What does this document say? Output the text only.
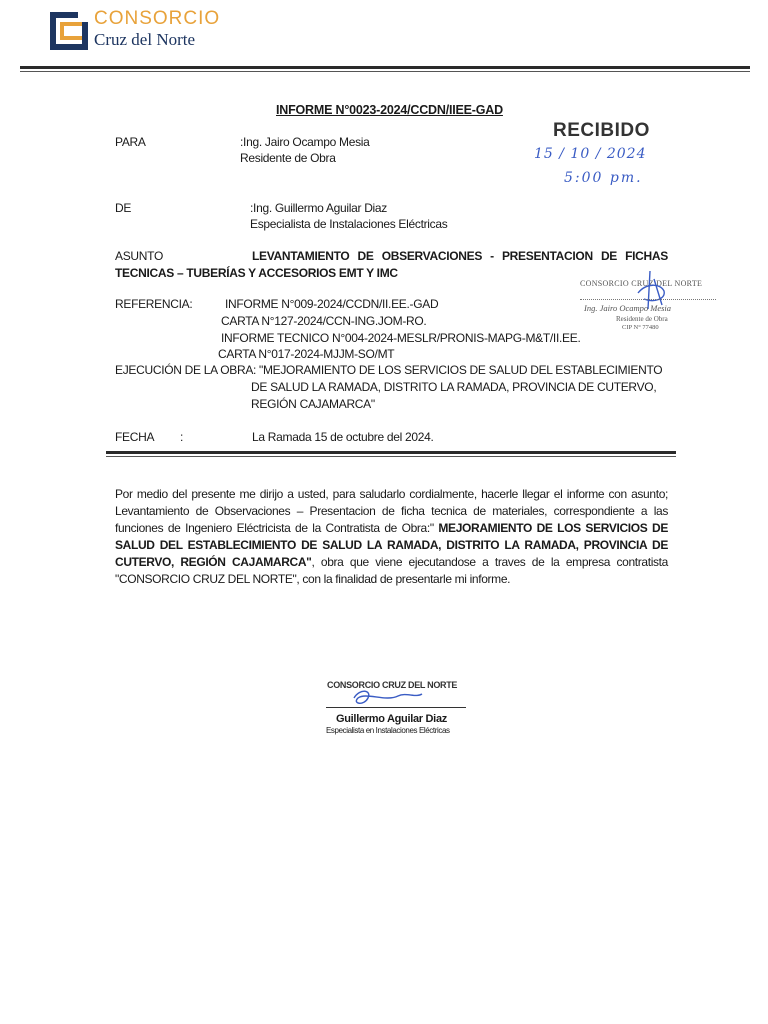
CONSORCIO
Cruz del Norte
INFORME N°0023-2024/CCDN/IIEE-GAD
PARA	:Ing. Jairo Ocampo Mesia
Residente de Obra
RECIBIDO
15 / 10 / 2024
5:00 pm.
DE	:Ing. Guillermo Aguilar Diaz
Especialista de Instalaciones Eléctricas
ASUNTO	LEVANTAMIENTO DE OBSERVACIONES - PRESENTACION DE FICHAS TECNICAS – TUBERÍAS Y ACCESORIOS EMT Y IMC
CONSORCIO CRUZ DEL NORTE
Ing. Jairo Ocampo Mesia
Residente de Obra
CIP N° 77480
REFERENCIA:	INFORME N°009-2024/CCDN/II.EE.-GAD
CARTA N°127-2024/CCN-ING.JOM-RO.
INFORME TECNICO N°004-2024-MESLR/PRONIS-MAPG-M&T/II.EE.
CARTA N°017-2024-MJJM-SO/MT
EJECUCIÓN DE LA OBRA: "MEJORAMIENTO DE LOS SERVICIOS DE SALUD DEL ESTABLECIMIENTO
DE SALUD LA RAMADA, DISTRITO LA RAMADA, PROVINCIA DE CUTERVO,
REGIÓN CAJAMARCA"
FECHA :	La Ramada 15 de octubre del 2024.
Por medio del presente me dirijo a usted, para saludarlo cordialmente, hacerle llegar el informe con asunto; Levantamiento de Observaciones – Presentacion de ficha tecnica de materiales, correspondiente a las funciones de Ingeniero Eléctricista de la Contratista de Obra:" MEJORAMIENTO DE LOS SERVICIOS DE SALUD DEL ESTABLECIMIENTO DE SALUD LA RAMADA, DISTRITO LA RAMADA, PROVINCIA DE CUTERVO, REGIÓN CAJAMARCA", obra que viene ejecutandose a traves de la empresa contratista "CONSORCIO CRUZ DEL NORTE", con la finalidad de presentarle mi informe.
CONSORCIO CRUZ DEL NORTE
Guillermo Aguilar Diaz
Especialista en Instalaciones Eléctricas
